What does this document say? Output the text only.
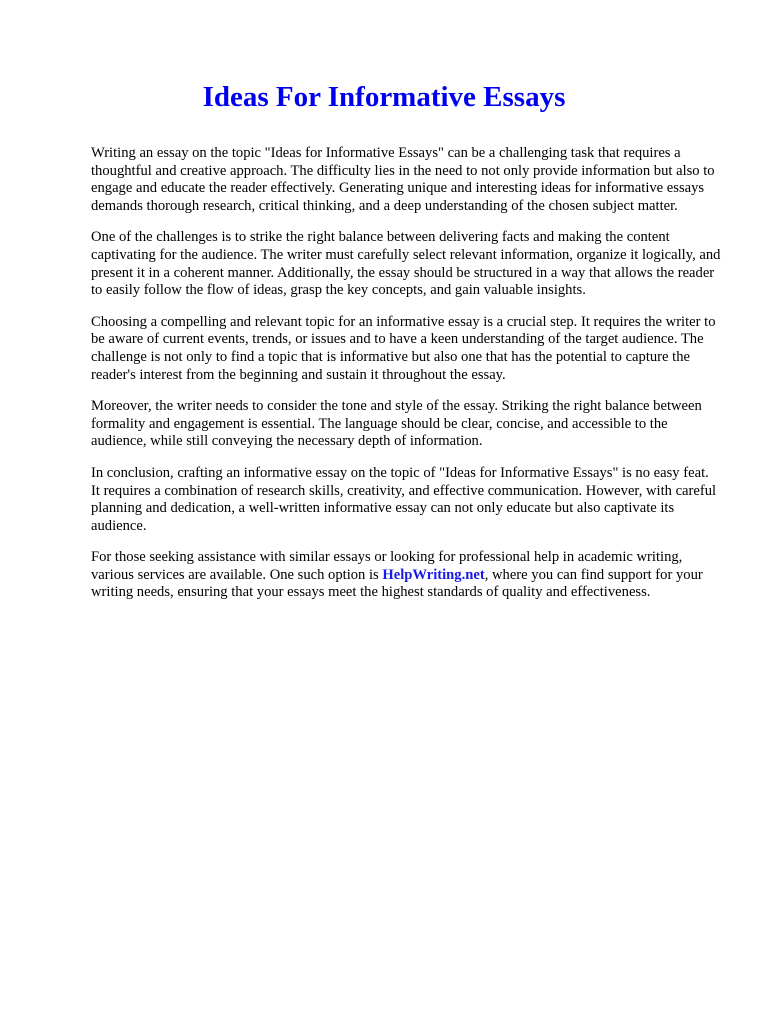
Ideas For Informative Essays

Writing an essay on the topic "Ideas for Informative Essays" can be a challenging task that requires a thoughtful and creative approach. The difficulty lies in the need to not only provide information but also to engage and educate the reader effectively. Generating unique and interesting ideas for informative essays demands thorough research, critical thinking, and a deep understanding of the chosen subject matter.

One of the challenges is to strike the right balance between delivering facts and making the content captivating for the audience. The writer must carefully select relevant information, organize it logically, and present it in a coherent manner. Additionally, the essay should be structured in a way that allows the reader to easily follow the flow of ideas, grasp the key concepts, and gain valuable insights.

Choosing a compelling and relevant topic for an informative essay is a crucial step. It requires the writer to be aware of current events, trends, or issues and to have a keen understanding of the target audience. The challenge is not only to find a topic that is informative but also one that has the potential to capture the reader's interest from the beginning and sustain it throughout the essay.

Moreover, the writer needs to consider the tone and style of the essay. Striking the right balance between formality and engagement is essential. The language should be clear, concise, and accessible to the audience, while still conveying the necessary depth of information.

In conclusion, crafting an informative essay on the topic of "Ideas for Informative Essays" is no easy feat. It requires a combination of research skills, creativity, and effective communication. However, with careful planning and dedication, a well-written informative essay can not only educate but also captivate its audience.

For those seeking assistance with similar essays or looking for professional help in academic writing, various services are available. One such option is HelpWriting.net, where you can find support for your writing needs, ensuring that your essays meet the highest standards of quality and effectiveness.
